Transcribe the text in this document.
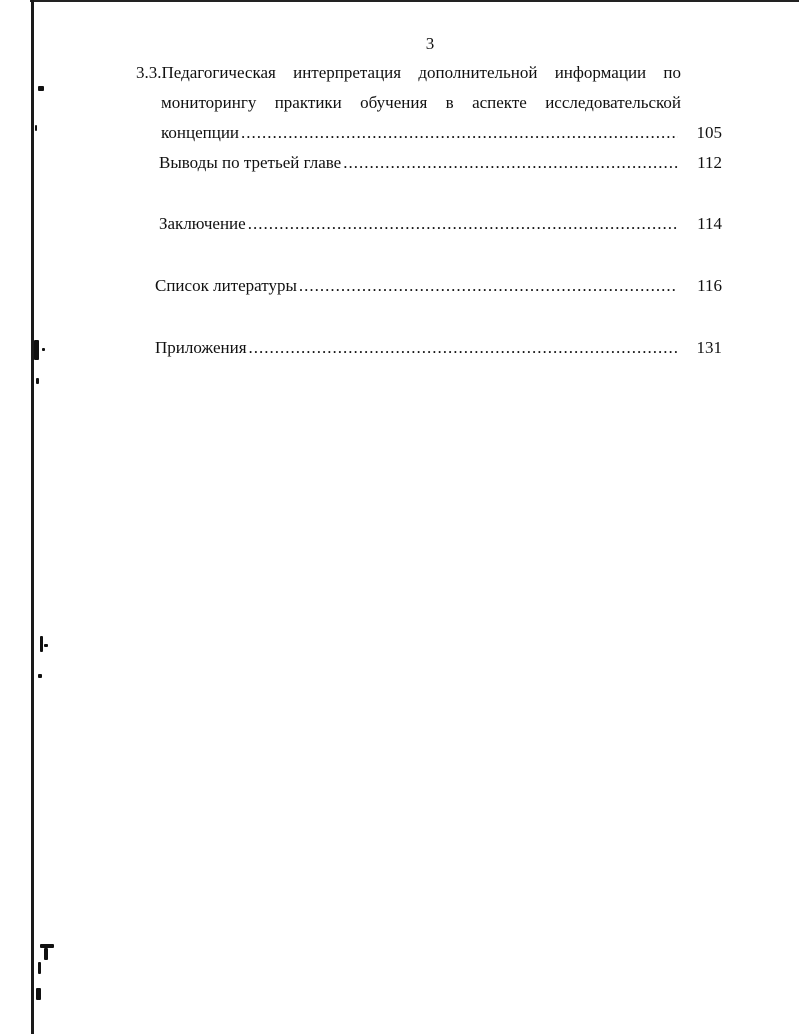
3
3.3.Педагогическая интерпретация дополнительной информации по
мониторингу практики обучения в аспекте исследовательской
концепции .....	105
Выводы по третьей главе .....	112
Заключение .....	114
Список литературы .....	116
Приложения .....	131
